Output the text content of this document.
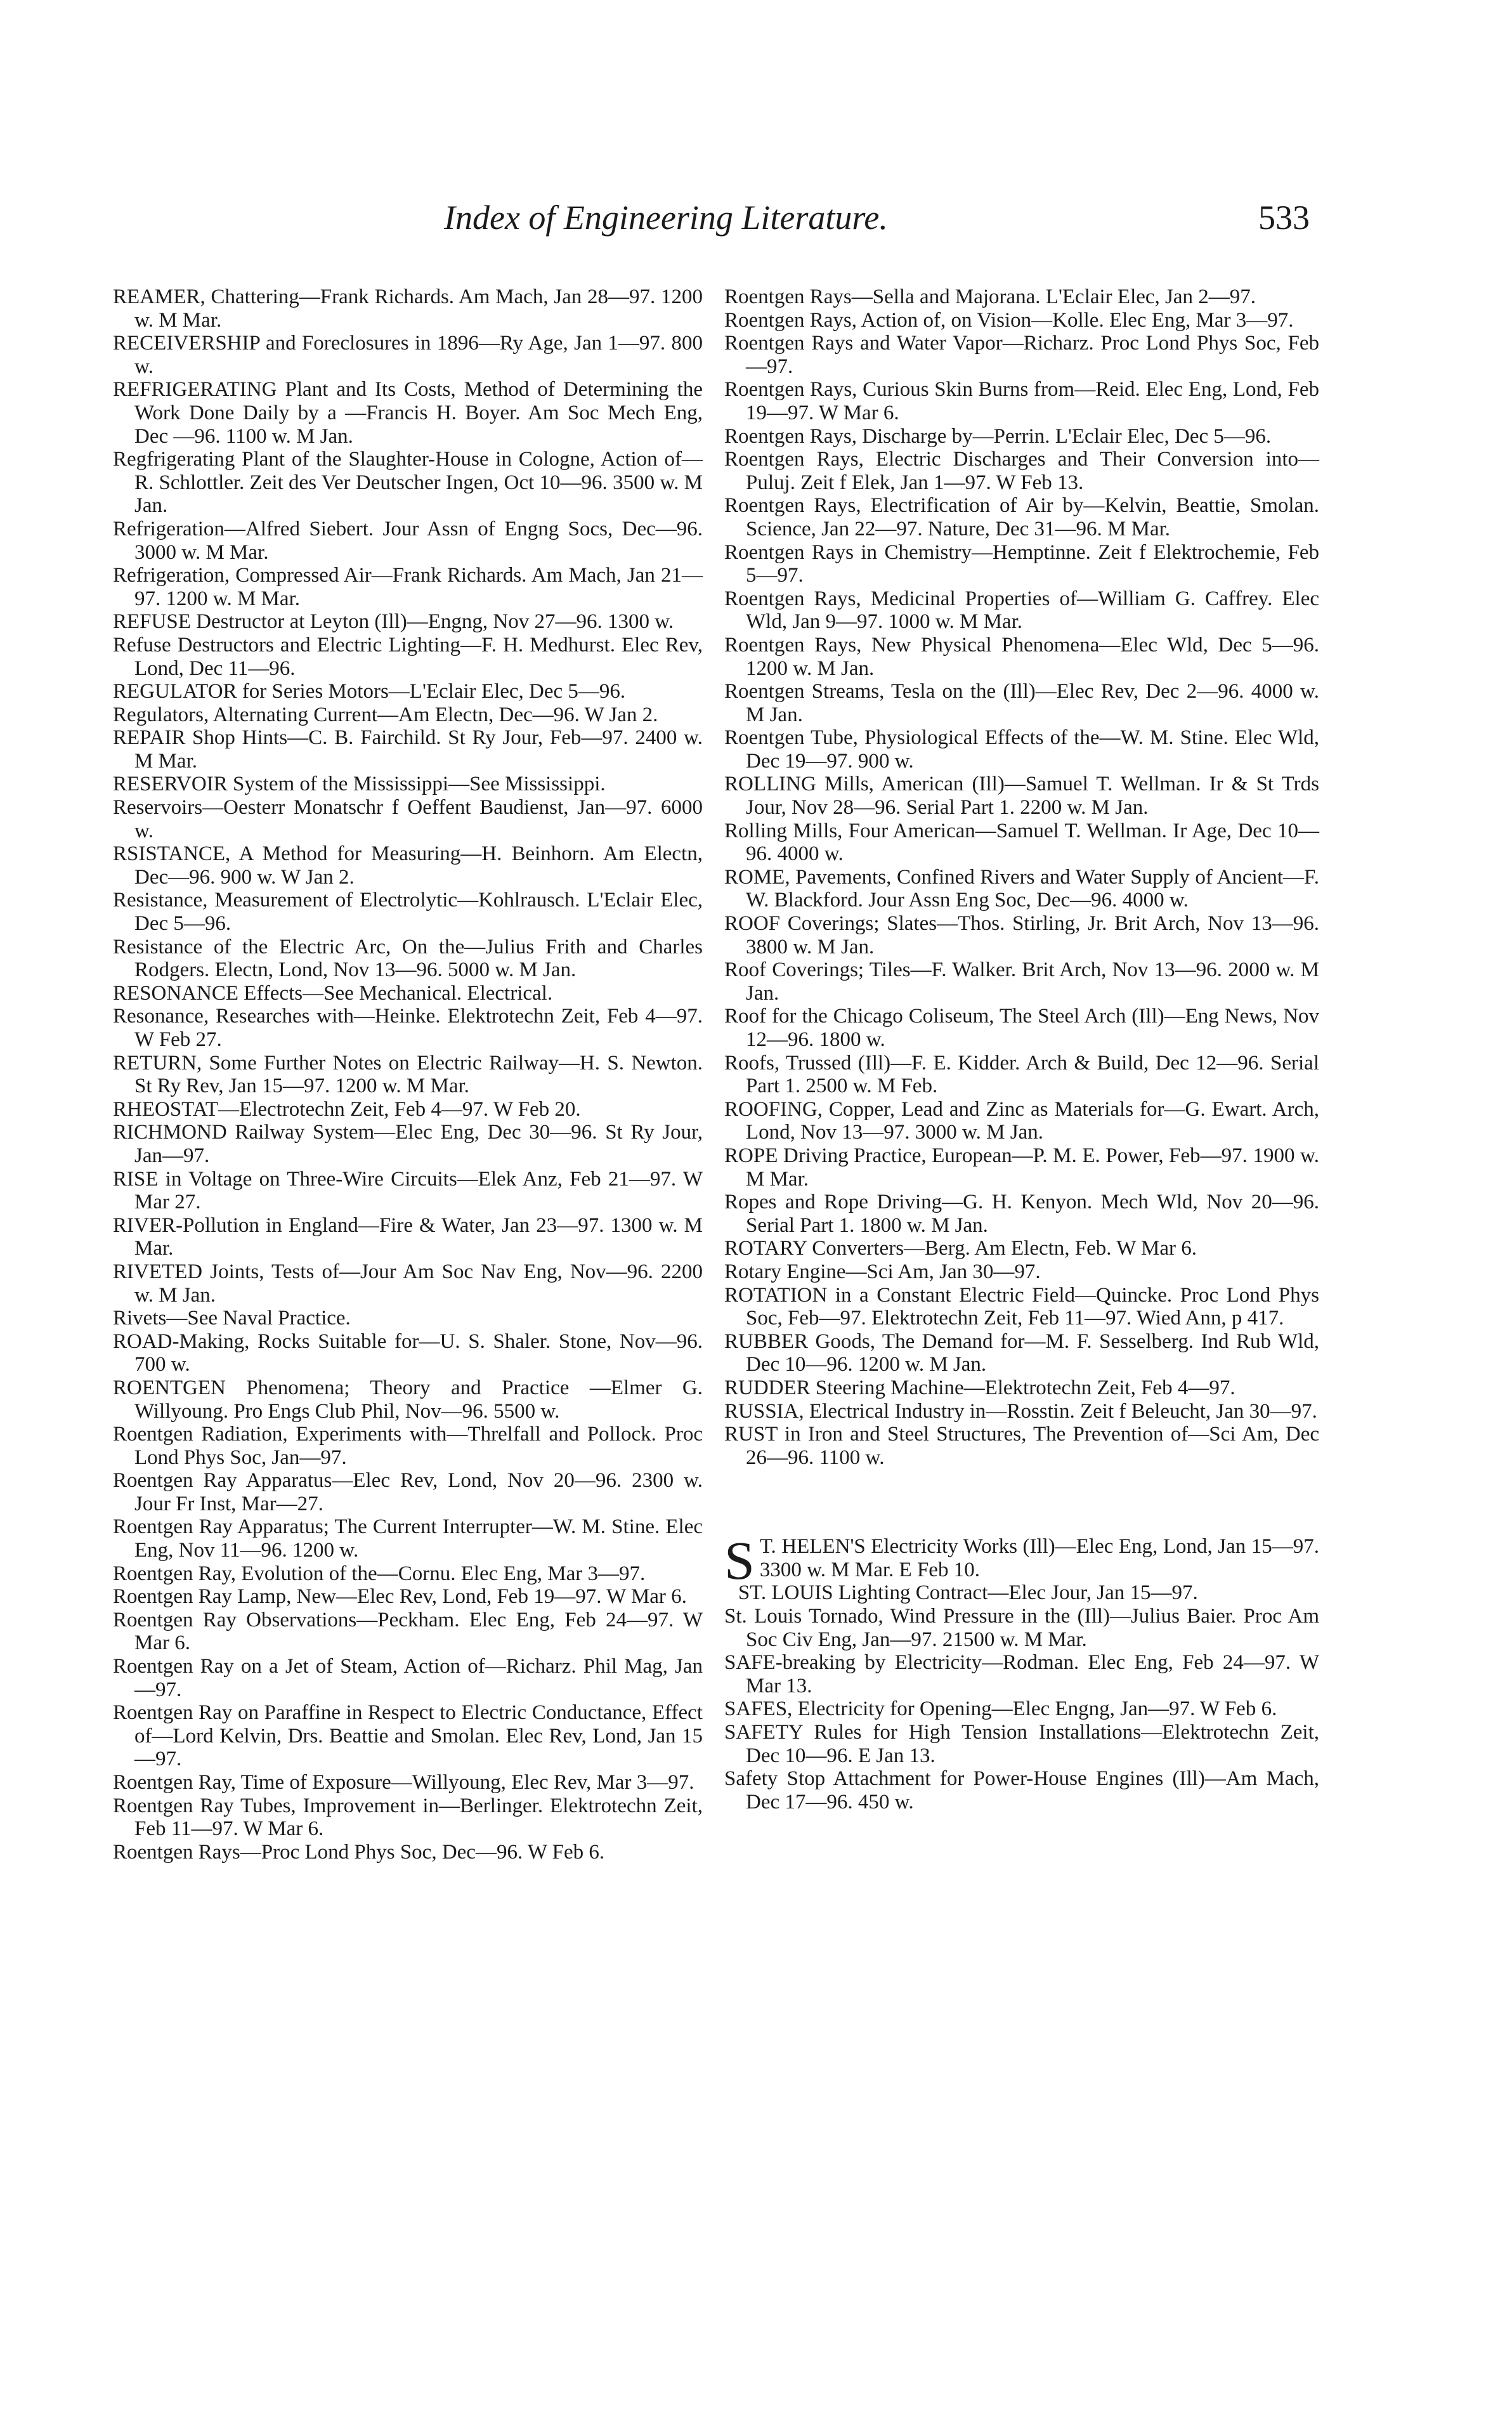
Index of Engineering Literature.	533

REAMER, Chattering—Frank Richards. Am Mach, Jan 28—97. 1200 w. M Mar.

RECEIVERSHIP and Foreclosures in 1896—Ry Age, Jan 1—97. 800 w.

REFRIGERATING Plant and Its Costs, Method of Determining the Work Done Daily by a —Francis H. Boyer. Am Soc Mech Eng, Dec —96. 1100 w. M Jan.

Regfrigerating Plant of the Slaughter-House in Cologne, Action of—R. Schlottler. Zeit des Ver Deutscher Ingen, Oct 10—96. 3500 w. M Jan.

Refrigeration—Alfred Siebert. Jour Assn of Engng Socs, Dec—96. 3000 w. M Mar.

Refrigeration, Compressed Air—Frank Richards. Am Mach, Jan 21—97. 1200 w. M Mar.

REFUSE Destructor at Leyton (Ill)—Engng, Nov 27—96. 1300 w.

Refuse Destructors and Electric Lighting—F. H. Medhurst. Elec Rev, Lond, Dec 11—96.

REGULATOR for Series Motors—L'Eclair Elec, Dec 5—96.

Regulators, Alternating Current—Am Electn, Dec—96. W Jan 2.

REPAIR Shop Hints—C. B. Fairchild. St Ry Jour, Feb—97. 2400 w. M Mar.

RESERVOIR System of the Mississippi—See Mississippi.

Reservoirs—Oesterr Monatschr f Oeffent Baudienst, Jan—97. 6000 w.

RSISTANCE, A Method for Measuring—H. Beinhorn. Am Electn, Dec—96. 900 w. W Jan 2.

Resistance, Measurement of Electrolytic—Kohlrausch. L'Eclair Elec, Dec 5—96.

Resistance of the Electric Arc, On the—Julius Frith and Charles Rodgers. Electn, Lond, Nov 13—96. 5000 w. M Jan.

RESONANCE Effects—See Mechanical. Electrical.

Resonance, Researches with—Heinke. Elektrotechn Zeit, Feb 4—97. W Feb 27.

RETURN, Some Further Notes on Electric Railway—H. S. Newton. St Ry Rev, Jan 15—97. 1200 w. M Mar.

RHEOSTAT—Electrotechn Zeit, Feb 4—97. W Feb 20.

RICHMOND Railway System—Elec Eng, Dec 30—96. St Ry Jour, Jan—97.

RISE in Voltage on Three-Wire Circuits—Elek Anz, Feb 21—97. W Mar 27.

RIVER-Pollution in England—Fire & Water, Jan 23—97. 1300 w. M Mar.

RIVETED Joints, Tests of—Jour Am Soc Nav Eng, Nov—96. 2200 w. M Jan.

Rivets—See Naval Practice.

ROAD-Making, Rocks Suitable for—U. S. Shaler. Stone, Nov—96. 700 w.

ROENTGEN Phenomena; Theory and Practice —Elmer G. Willyoung. Pro Engs Club Phil, Nov—96. 5500 w.

Roentgen Radiation, Experiments with—Threlfall and Pollock. Proc Lond Phys Soc, Jan—97.

Roentgen Ray Apparatus—Elec Rev, Lond, Nov 20—96. 2300 w. Jour Fr Inst, Mar—27.

Roentgen Ray Apparatus; The Current Interrupter—W. M. Stine. Elec Eng, Nov 11—96. 1200 w.

Roentgen Ray, Evolution of the—Cornu. Elec Eng, Mar 3—97.

Roentgen Ray Lamp, New—Elec Rev, Lond, Feb 19—97. W Mar 6.

Roentgen Ray Observations—Peckham. Elec Eng, Feb 24—97. W Mar 6.

Roentgen Ray on a Jet of Steam, Action of—Richarz. Phil Mag, Jan—97.

Roentgen Ray on Paraffine in Respect to Electric Conductance, Effect of—Lord Kelvin, Drs. Beattie and Smolan. Elec Rev, Lond, Jan 15—97.

Roentgen Ray, Time of Exposure—Willyoung, Elec Rev, Mar 3—97.

Roentgen Ray Tubes, Improvement in—Berlinger. Elektrotechn Zeit, Feb 11—97. W Mar 6.

Roentgen Rays—Proc Lond Phys Soc, Dec—96. W Feb 6.

Roentgen Rays—Sella and Majorana. L'Eclair Elec, Jan 2—97.

Roentgen Rays, Action of, on Vision—Kolle. Elec Eng, Mar 3—97.

Roentgen Rays and Water Vapor—Richarz. Proc Lond Phys Soc, Feb—97.

Roentgen Rays, Curious Skin Burns from—Reid. Elec Eng, Lond, Feb 19—97. W Mar 6.

Roentgen Rays, Discharge by—Perrin. L'Eclair Elec, Dec 5—96.

Roentgen Rays, Electric Discharges and Their Conversion into—Puluj. Zeit f Elek, Jan 1—97. W Feb 13.

Roentgen Rays, Electrification of Air by—Kelvin, Beattie, Smolan. Science, Jan 22—97. Nature, Dec 31—96. M Mar.

Roentgen Rays in Chemistry—Hemptinne. Zeit f Elektrochemie, Feb 5—97.

Roentgen Rays, Medicinal Properties of—William G. Caffrey. Elec Wld, Jan 9—97. 1000 w. M Mar.

Roentgen Rays, New Physical Phenomena—Elec Wld, Dec 5—96. 1200 w. M Jan.

Roentgen Streams, Tesla on the (Ill)—Elec Rev, Dec 2—96. 4000 w. M Jan.

Roentgen Tube, Physiological Effects of the—W. M. Stine. Elec Wld, Dec 19—97. 900 w.

ROLLING Mills, American (Ill)—Samuel T. Wellman. Ir & St Trds Jour, Nov 28—96. Serial Part 1. 2200 w. M Jan.

Rolling Mills, Four American—Samuel T. Wellman. Ir Age, Dec 10—96. 4000 w.

ROME, Pavements, Confined Rivers and Water Supply of Ancient—F. W. Blackford. Jour Assn Eng Soc, Dec—96. 4000 w.

ROOF Coverings; Slates—Thos. Stirling, Jr. Brit Arch, Nov 13—96. 3800 w. M Jan.

Roof Coverings; Tiles—F. Walker. Brit Arch, Nov 13—96. 2000 w. M Jan.

Roof for the Chicago Coliseum, The Steel Arch (Ill)—Eng News, Nov 12—96. 1800 w.

Roofs, Trussed (Ill)—F. E. Kidder. Arch & Build, Dec 12—96. Serial Part 1. 2500 w. M Feb.

ROOFING, Copper, Lead and Zinc as Materials for—G. Ewart. Arch, Lond, Nov 13—97. 3000 w. M Jan.

ROPE Driving Practice, European—P. M. E. Power, Feb—97. 1900 w. M Mar.

Ropes and Rope Driving—G. H. Kenyon. Mech Wld, Nov 20—96. Serial Part 1. 1800 w. M Jan.

ROTARY Converters—Berg. Am Electn, Feb. W Mar 6.

Rotary Engine—Sci Am, Jan 30—97.

ROTATION in a Constant Electric Field—Quincke. Proc Lond Phys Soc, Feb—97. Elektrotechn Zeit, Feb 11—97. Wied Ann, p 417.

RUBBER Goods, The Demand for—M. F. Sesselberg. Ind Rub Wld, Dec 10—96. 1200 w. M Jan.

RUDDER Steering Machine—Elektrotechn Zeit, Feb 4—97.

RUSSIA, Electrical Industry in—Rosstin. Zeit f Beleucht, Jan 30—97.

RUST in Iron and Steel Structures, The Prevention of—Sci Am, Dec 26—96. 1100 w.

S T. HELEN'S Electricity Works (Ill)—Elec Eng, Lond, Jan 15—97. 3300 w. M Mar. E Feb 10.

ST. LOUIS Lighting Contract—Elec Jour, Jan 15—97.

St. Louis Tornado, Wind Pressure in the (Ill)—Julius Baier. Proc Am Soc Civ Eng, Jan—97. 21500 w. M Mar.

SAFE-breaking by Electricity—Rodman. Elec Eng, Feb 24—97. W Mar 13.

SAFES, Electricity for Opening—Elec Engng, Jan—97. W Feb 6.

SAFETY Rules for High Tension Installations—Elektrotechn Zeit, Dec 10—96. E Jan 13.

Safety Stop Attachment for Power-House Engines (Ill)—Am Mach, Dec 17—96. 450 w.
